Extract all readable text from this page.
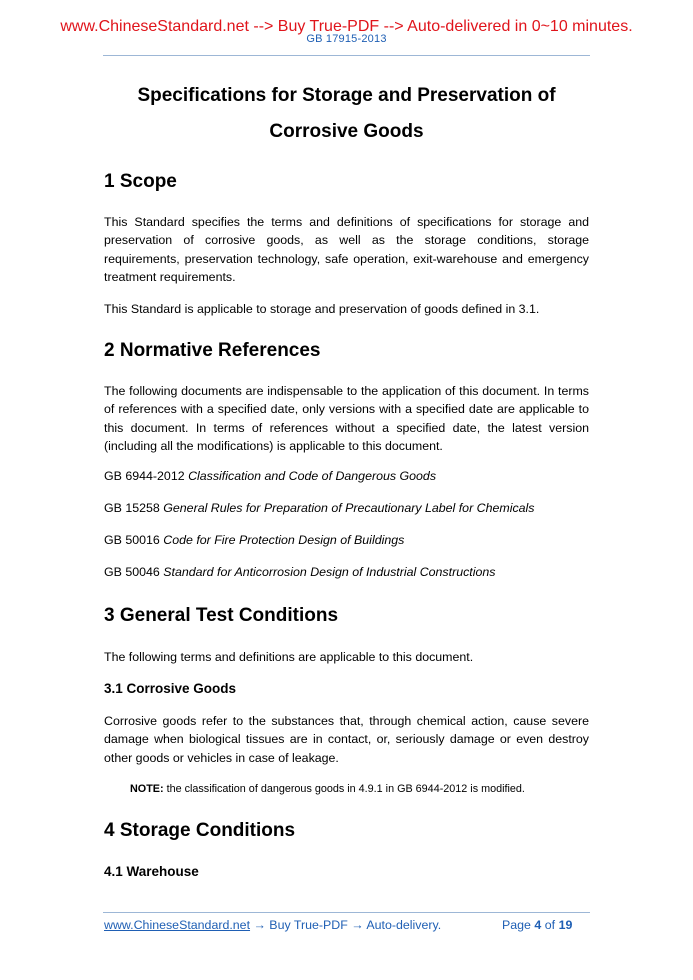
www.ChineseStandard.net --> Buy True-PDF --> Auto-delivered in 0~10 minutes.
GB 17915-2013
Specifications for Storage and Preservation of
Corrosive Goods
1 Scope
This Standard specifies the terms and definitions of specifications for storage and preservation of corrosive goods, as well as the storage conditions, storage requirements, preservation technology, safe operation, exit-warehouse and emergency treatment requirements.
This Standard is applicable to storage and preservation of goods defined in 3.1.
2 Normative References
The following documents are indispensable to the application of this document. In terms of references with a specified date, only versions with a specified date are applicable to this document. In terms of references without a specified date, the latest version (including all the modifications) is applicable to this document.
GB 6944-2012 Classification and Code of Dangerous Goods
GB 15258 General Rules for Preparation of Precautionary Label for Chemicals
GB 50016 Code for Fire Protection Design of Buildings
GB 50046 Standard for Anticorrosion Design of Industrial Constructions
3 General Test Conditions
The following terms and definitions are applicable to this document.
3.1 Corrosive Goods
Corrosive goods refer to the substances that, through chemical action, cause severe damage when biological tissues are in contact, or, seriously damage or even destroy other goods or vehicles in case of leakage.
NOTE: the classification of dangerous goods in 4.9.1 in GB 6944-2012 is modified.
4 Storage Conditions
4.1 Warehouse
www.ChineseStandard.net → Buy True-PDF → Auto-delivery.	Page 4 of 19
